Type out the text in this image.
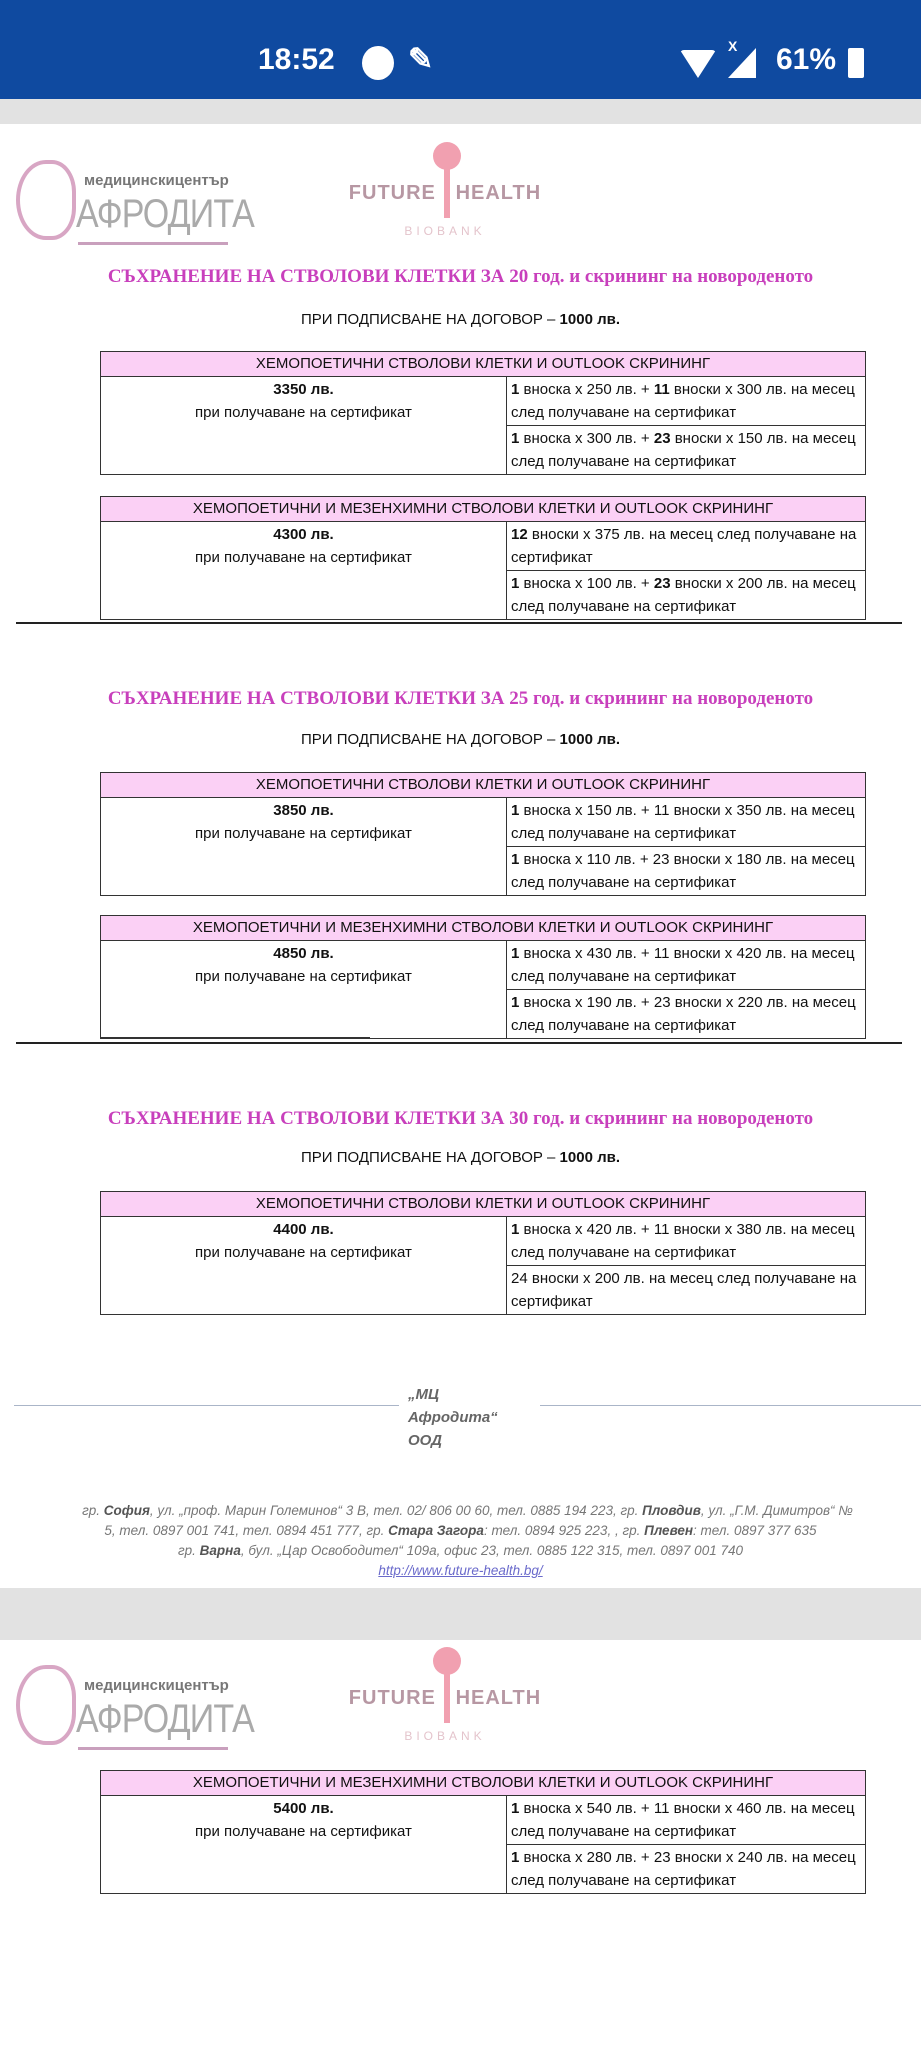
18:52 ✎	X 61%
медицинскицентър
АФРОДИТА	FUTURE HEALTH
BIOBANK
медицинскицентър
АФРОДИТА	FUTURE HEALTH
BIOBANK
СЪХРАНЕНИЕ НА СТВОЛОВИ КЛЕТКИ ЗА 20 год. и скрининг на новороденото
ПРИ ПОДПИСВАНЕ НА ДОГОВОР – 1000 лв.
СЪХРАНЕНИЕ НА СТВОЛОВИ КЛЕТКИ ЗА 25 год. и скрининг на новороденото
ПРИ ПОДПИСВАНЕ НА ДОГОВОР – 1000 лв.
СЪХРАНЕНИЕ НА СТВОЛОВИ КЛЕТКИ ЗА 30 год. и скрининг на новороденото
ПРИ ПОДПИСВАНЕ НА ДОГОВОР – 1000 лв.
ХЕМОПОЕТИЧНИ СТВОЛОВИ КЛЕТКИ И OUTLOOK СКРИНИНГ
3350 лв.
при получаване на сертификат	1 вноска х 250 лв. + 11 вноски х 300 лв. на месец след получаване на сертификат
1 вноска х 300 лв. + 23 вноски х 150 лв. на месец след получаване на сертификат
ХЕМОПОЕТИЧНИ И МЕЗЕНХИМНИ СТВОЛОВИ КЛЕТКИ И OUTLOOK СКРИНИНГ
4300 лв.
при получаване на сертификат	12 вноски х 375 лв. на месец след получаване на сертификат
1 вноска х 100 лв. + 23 вноски х 200 лв. на месец след получаване на сертификат
ХЕМОПОЕТИЧНИ СТВОЛОВИ КЛЕТКИ И OUTLOOK СКРИНИНГ
3850 лв.
при получаване на сертификат	1 вноска х 150 лв. + 11 вноски х 350 лв. на месец след получаване на сертификат
1 вноска х 110 лв. + 23 вноски х 180 лв. на месец след получаване на сертификат
ХЕМОПОЕТИЧНИ И МЕЗЕНХИМНИ СТВОЛОВИ КЛЕТКИ И OUTLOOK СКРИНИНГ
4850 лв.
при получаване на сертификат	1 вноска х 430 лв. + 11 вноски х 420 лв. на месец след получаване на сертификат
1 вноска х 190 лв. + 23 вноски х 220 лв. на месец след получаване на сертификат
ХЕМОПОЕТИЧНИ СТВОЛОВИ КЛЕТКИ И OUTLOOK СКРИНИНГ
4400 лв.
при получаване на сертификат	1 вноска х 420 лв. + 11 вноски х 380 лв. на месец след получаване на сертификат
24 вноски х 200 лв. на месец след получаване на сертификат
ХЕМОПОЕТИЧНИ И МЕЗЕНХИМНИ СТВОЛОВИ КЛЕТКИ И OUTLOOK СКРИНИНГ
5400 лв.
при получаване на сертификат	1 вноска х 540 лв. + 11 вноски х 460 лв. на месец след получаване на сертификат
1 вноска х 280 лв. + 23 вноски х 240 лв. на месец след получаване на сертификат
„МЦ
Афродита“
ООД
гр. София, ул. „проф. Марин Големинов“ 3 В, тел. 02/ 806 00 60, тел. 0885 194 223, гр. Пловдив, ул. „Г.М. Димитров“ №
5, тел. 0897 001 741, тел. 0894 451 777, гр. Стара Загора: тел. 0894 925 223, , гр. Плевен: тел. 0897 377 635
гр. Варна, бул. „Цар Освободител“ 109а, офис 23, тел. 0885 122 315, тел. 0897 001 740
http://www.future-health.bg/
